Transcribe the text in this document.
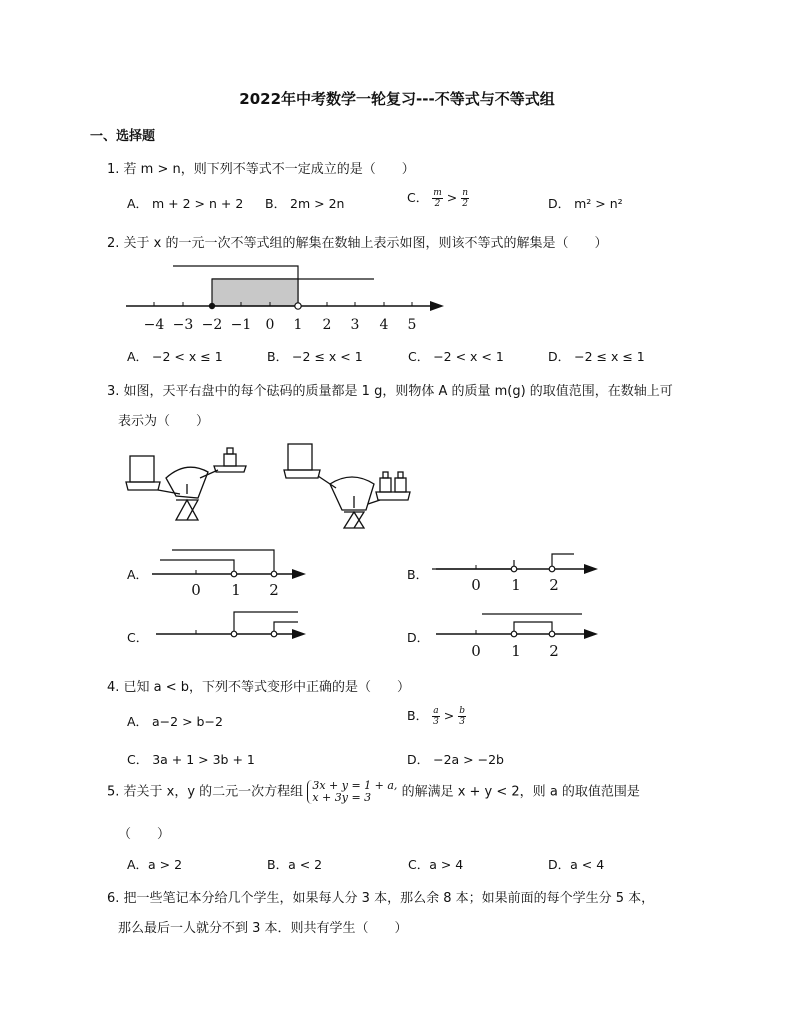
2022年中考数学一轮复习---不等式与不等式组
一、选择题
1. 若 m > n，则下列不等式不一定成立的是（　　）
A． m + 2 > n + 2 B． 2m > 2n	C． $\frac{m}{2} > \frac{n}{2}$	D． m² > n²
2. 关于 x 的一元一次不等式组的解集在数轴上表示如图，则该不等式的解集是（　　）
−4 −3 −2 −1 0 1 2 3 4 5
A． −2 < x ≤ 1	B． −2 ≤ x < 1	C． −2 < x < 1	D． −2 ≤ x ≤ 1
3. 如图，天平右盘中的每个砝码的质量都是 1 g，则物体 A 的质量 m(g) 的取值范围，在数轴上可
表示为（　　）
A．
0 1 2
B．
0 1 2
C．	D．
0 1 2
4. 已知 a < b，下列不等式变形中正确的是（　　）
A． a−2 > b−2	B． $\frac{a}{3} > \frac{b}{3}$
C． 3a + 1 > 3b + 1	D． −2a > −2b
5. 若关于 x，y 的二元一次方程组 3x + y = 1 + a,
x + 3y = 3	的解满足 x + y < 2，则 a 的取值范围是
（　　）
A．a > 2	B．a < 2	C．a > 4	D．a < 4
6. 把一些笔记本分给几个学生，如果每人分 3 本，那么余 8 本；如果前面的每个学生分 5 本，
那么最后一人就分不到 3 本．则共有学生（　　）
